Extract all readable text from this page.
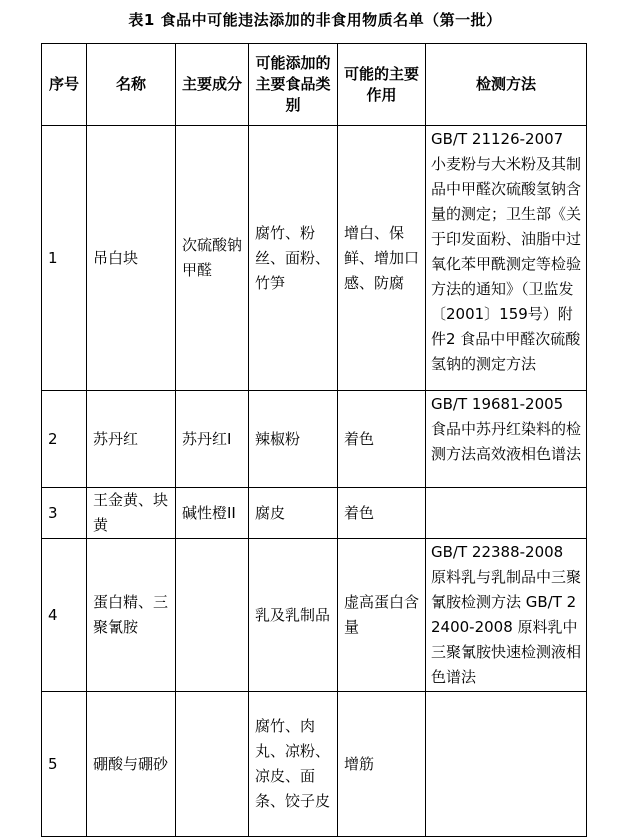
表1 食品中可能违法添加的非食用物质名单（第一批）
序号	名称	主要成分	可能添加的主要食品类别	可能的主要作用	检测方法
1	吊白块	次硫酸钠甲醛	腐竹、粉丝、面粉、竹笋	增白、保鲜、增加口感、防腐	GB/T 21126-2007 小麦粉与大米粉及其制品中甲醛次硫酸氢钠含量的测定；卫生部《关于印发面粉、油脂中过氧化苯甲酰测定等检验方法的通知》（卫监发〔2001〕159号）附件2 食品中甲醛次硫酸氢钠的测定方法
2	苏丹红	苏丹红I	辣椒粉	着色	GB/T 19681-2005 食品中苏丹红染料的检测方法高效液相色谱法
3	王金黄、块黄	碱性橙II	腐皮	着色	
4	蛋白精、三聚氰胺		乳及乳制品	虚高蛋白含量	GB/T 22388-2008 原料乳与乳制品中三聚氰胺检测方法 GB/T 22400-2008 原料乳中三聚氰胺快速检测液相色谱法
5	硼酸与硼砂		腐竹、肉丸、凉粉、凉皮、面条、饺子皮	增筋	
